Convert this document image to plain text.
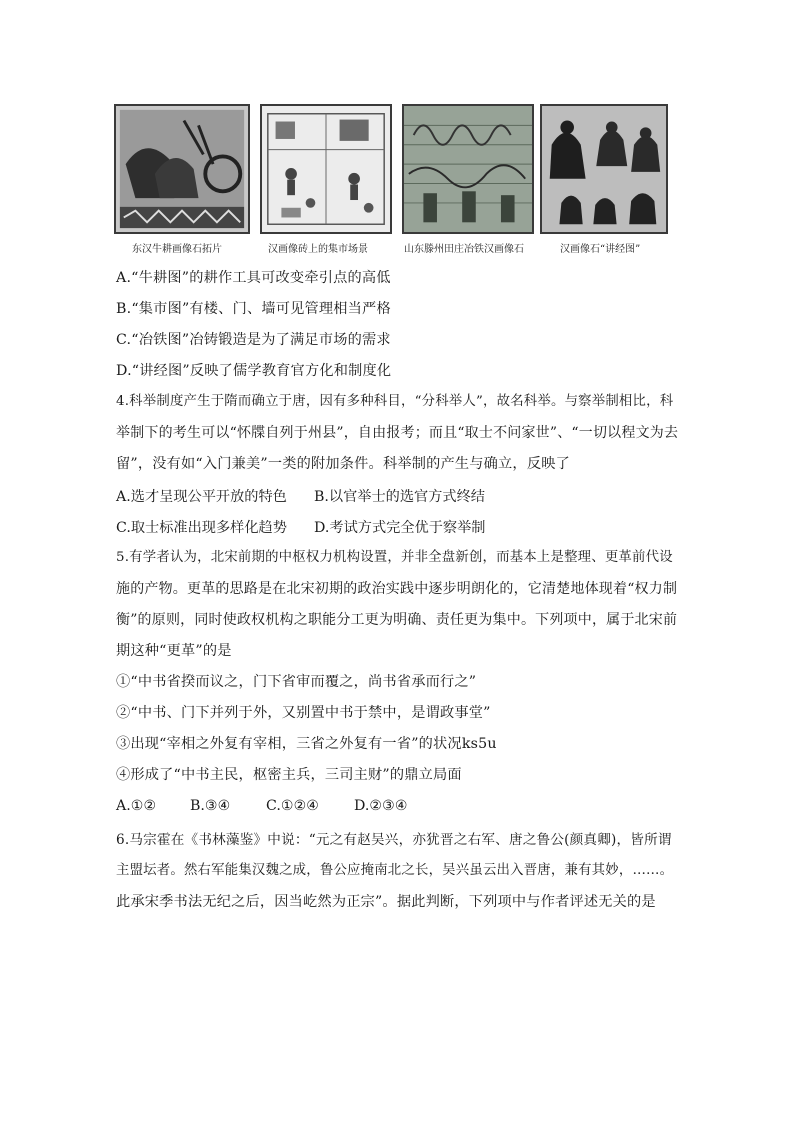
东汉牛耕画像石拓片	汉画像砖上的集市场景	山东滕州田庄冶铁汉画像石	汉画像石“讲经图”
A.“牛耕图”的耕作工具可改变牵引点的高低
B.“集市图”有楼、门、墙可见管理相当严格
C.“冶铁图”冶铸锻造是为了满足市场的需求
D.“讲经图”反映了儒学教育官方化和制度化
4.科举制度产生于隋而确立于唐，因有多种科目，“分科举人”，故名科举。与察举制相比，科
举制下的考生可以“怀牒自列于州县”，自由报考；而且“取士不问家世”、“一切以程文为去
留”，没有如“入门兼美”一类的附加条件。科举制的产生与确立，反映了
A.选才呈现公平开放的特色 B.以官举士的选官方式终结
C.取士标准出现多样化趋势 D.考试方式完全优于察举制
5.有学者认为，北宋前期的中枢权力机构设置，并非全盘新创，而基本上是整理、更革前代设
施的产物。更革的思路是在北宋初期的政治实践中逐步明朗化的，它清楚地体现着“权力制
衡”的原则，同时使政权机构之职能分工更为明确、责任更为集中。下列项中，属于北宋前
期这种“更革”的是
①“中书省揆而议之，门下省审而覆之，尚书省承而行之”
②“中书、门下并列于外，又别置中书于禁中，是谓政事堂”
③出现“宰相之外复有宰相，三省之外复有一省”的状况ks5u
④形成了“中书主民，枢密主兵，三司主财”的鼎立局面
A.①② B.③④	C.①②④ D.②③④
6.马宗霍在《书林藻鉴》中说：“元之有赵吴兴，亦犹晋之右军、唐之鲁公(颜真卿)，皆所谓
主盟坛者。然右军能集汉魏之成，鲁公应掩南北之长，吴兴虽云出入晋唐，兼有其妙，……。
此承宋季书法无纪之后，因当屹然为正宗”。据此判断，下列项中与作者评述无关的是
